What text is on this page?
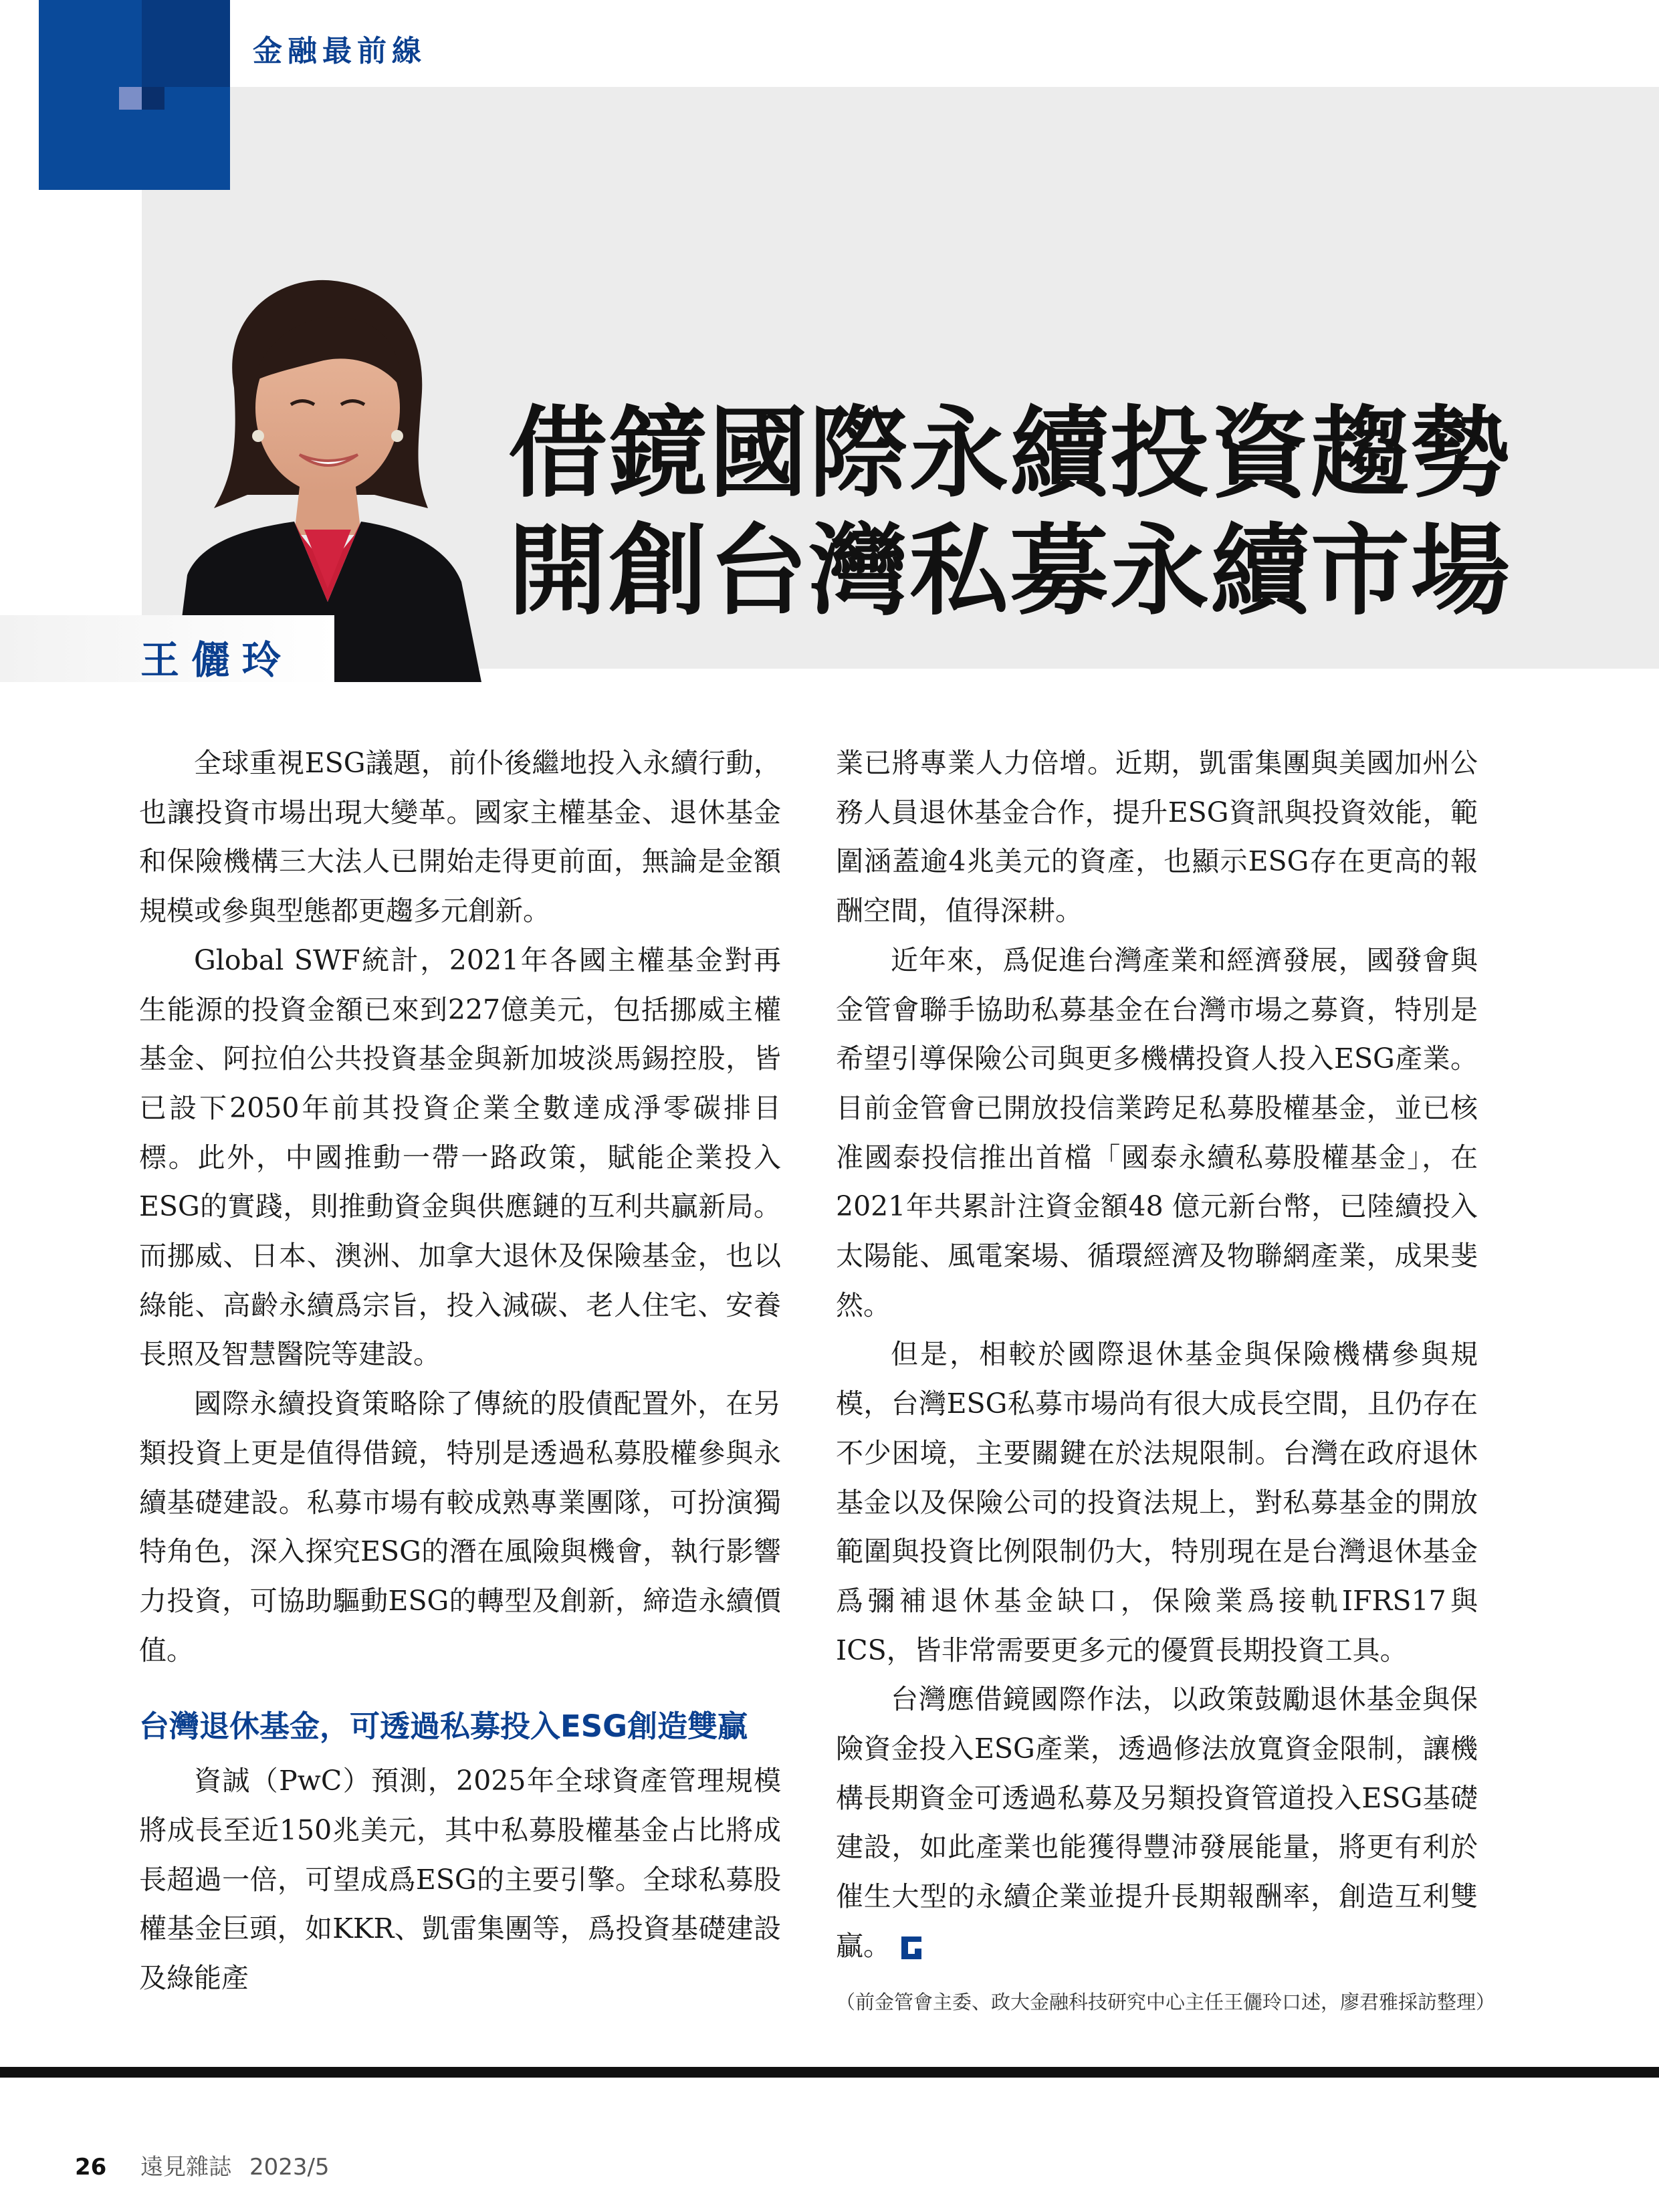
金融最前線
王儷玲
借鏡國際永續投資趨勢
開創台灣私募永續市場

全球重視ESG議題，前仆後繼地投入永續行動，也讓投資市場出現大變革。國家主權基金、退休基金和保險機構三大法人已開始走得更前面，無論是金額規模或參與型態都更趨多元創新。

Global SWF統計，2021年各國主權基金對再生能源的投資金額已來到227億美元，包括挪威主權基金、阿拉伯公共投資基金與新加坡淡馬錫控股，皆已設下2050年前其投資企業全數達成淨零碳排目標。此外，中國推動一帶一路政策，賦能企業投入ESG的實踐，則推動資金與供應鏈的互利共贏新局。而挪威、日本、澳洲、加拿大退休及保險基金，也以綠能、高齡永續爲宗旨，投入減碳、老人住宅、安養長照及智慧醫院等建設。

國際永續投資策略除了傳統的股債配置外，在另類投資上更是值得借鏡，特別是透過私募股權參與永續基礎建設。私募市場有較成熟專業團隊，可扮演獨特角色，深入探究ESG的潛在風險與機會，執行影響力投資，可協助驅動ESG的轉型及創新，締造永續價值。

台灣退休基金，可透過私募投入ESG創造雙贏

資誠（PwC）預測，2025年全球資產管理規模將成長至近150兆美元，其中私募股權基金占比將成長超過一倍，可望成爲ESG的主要引擎。全球私募股權基金巨頭，如KKR、凱雷集團等，爲投資基礎建設及綠能產

業已將專業人力倍增。近期，凱雷集團與美國加州公務人員退休基金合作，提升ESG資訊與投資效能，範圍涵蓋逾4兆美元的資產，也顯示ESG存在更高的報酬空間，值得深耕。

近年來，爲促進台灣產業和經濟發展，國發會與金管會聯手協助私募基金在台灣市場之募資，特別是希望引導保險公司與更多機構投資人投入ESG產業。目前金管會已開放投信業跨足私募股權基金，並已核准國泰投信推出首檔「國泰永續私募股權基金」，在2021年共累計注資金額48 億元新台幣，已陸續投入太陽能、風電案場、循環經濟及物聯網產業，成果斐然。

但是，相較於國際退休基金與保險機構參與規模，台灣ESG私募市場尚有很大成長空間，且仍存在不少困境，主要關鍵在於法規限制。台灣在政府退休基金以及保險公司的投資法規上，對私募基金的開放範圍與投資比例限制仍大，特別現在是台灣退休基金爲彌補退休基金缺口，保險業爲接軌IFRS17與ICS，皆非常需要更多元的優質長期投資工具。

台灣應借鏡國際作法，以政策鼓勵退休基金與保險資金投入ESG產業，透過修法放寬資金限制，讓機構長期資金可透過私募及另類投資管道投入ESG基礎建設，如此產業也能獲得豐沛發展能量，將更有利於催生大型的永續企業並提升長期報酬率，創造互利雙贏。

（前金管會主委、政大金融科技研究中心主任王儷玲口述，廖君雅採訪整理）
26 遠見雜誌 2023/5
